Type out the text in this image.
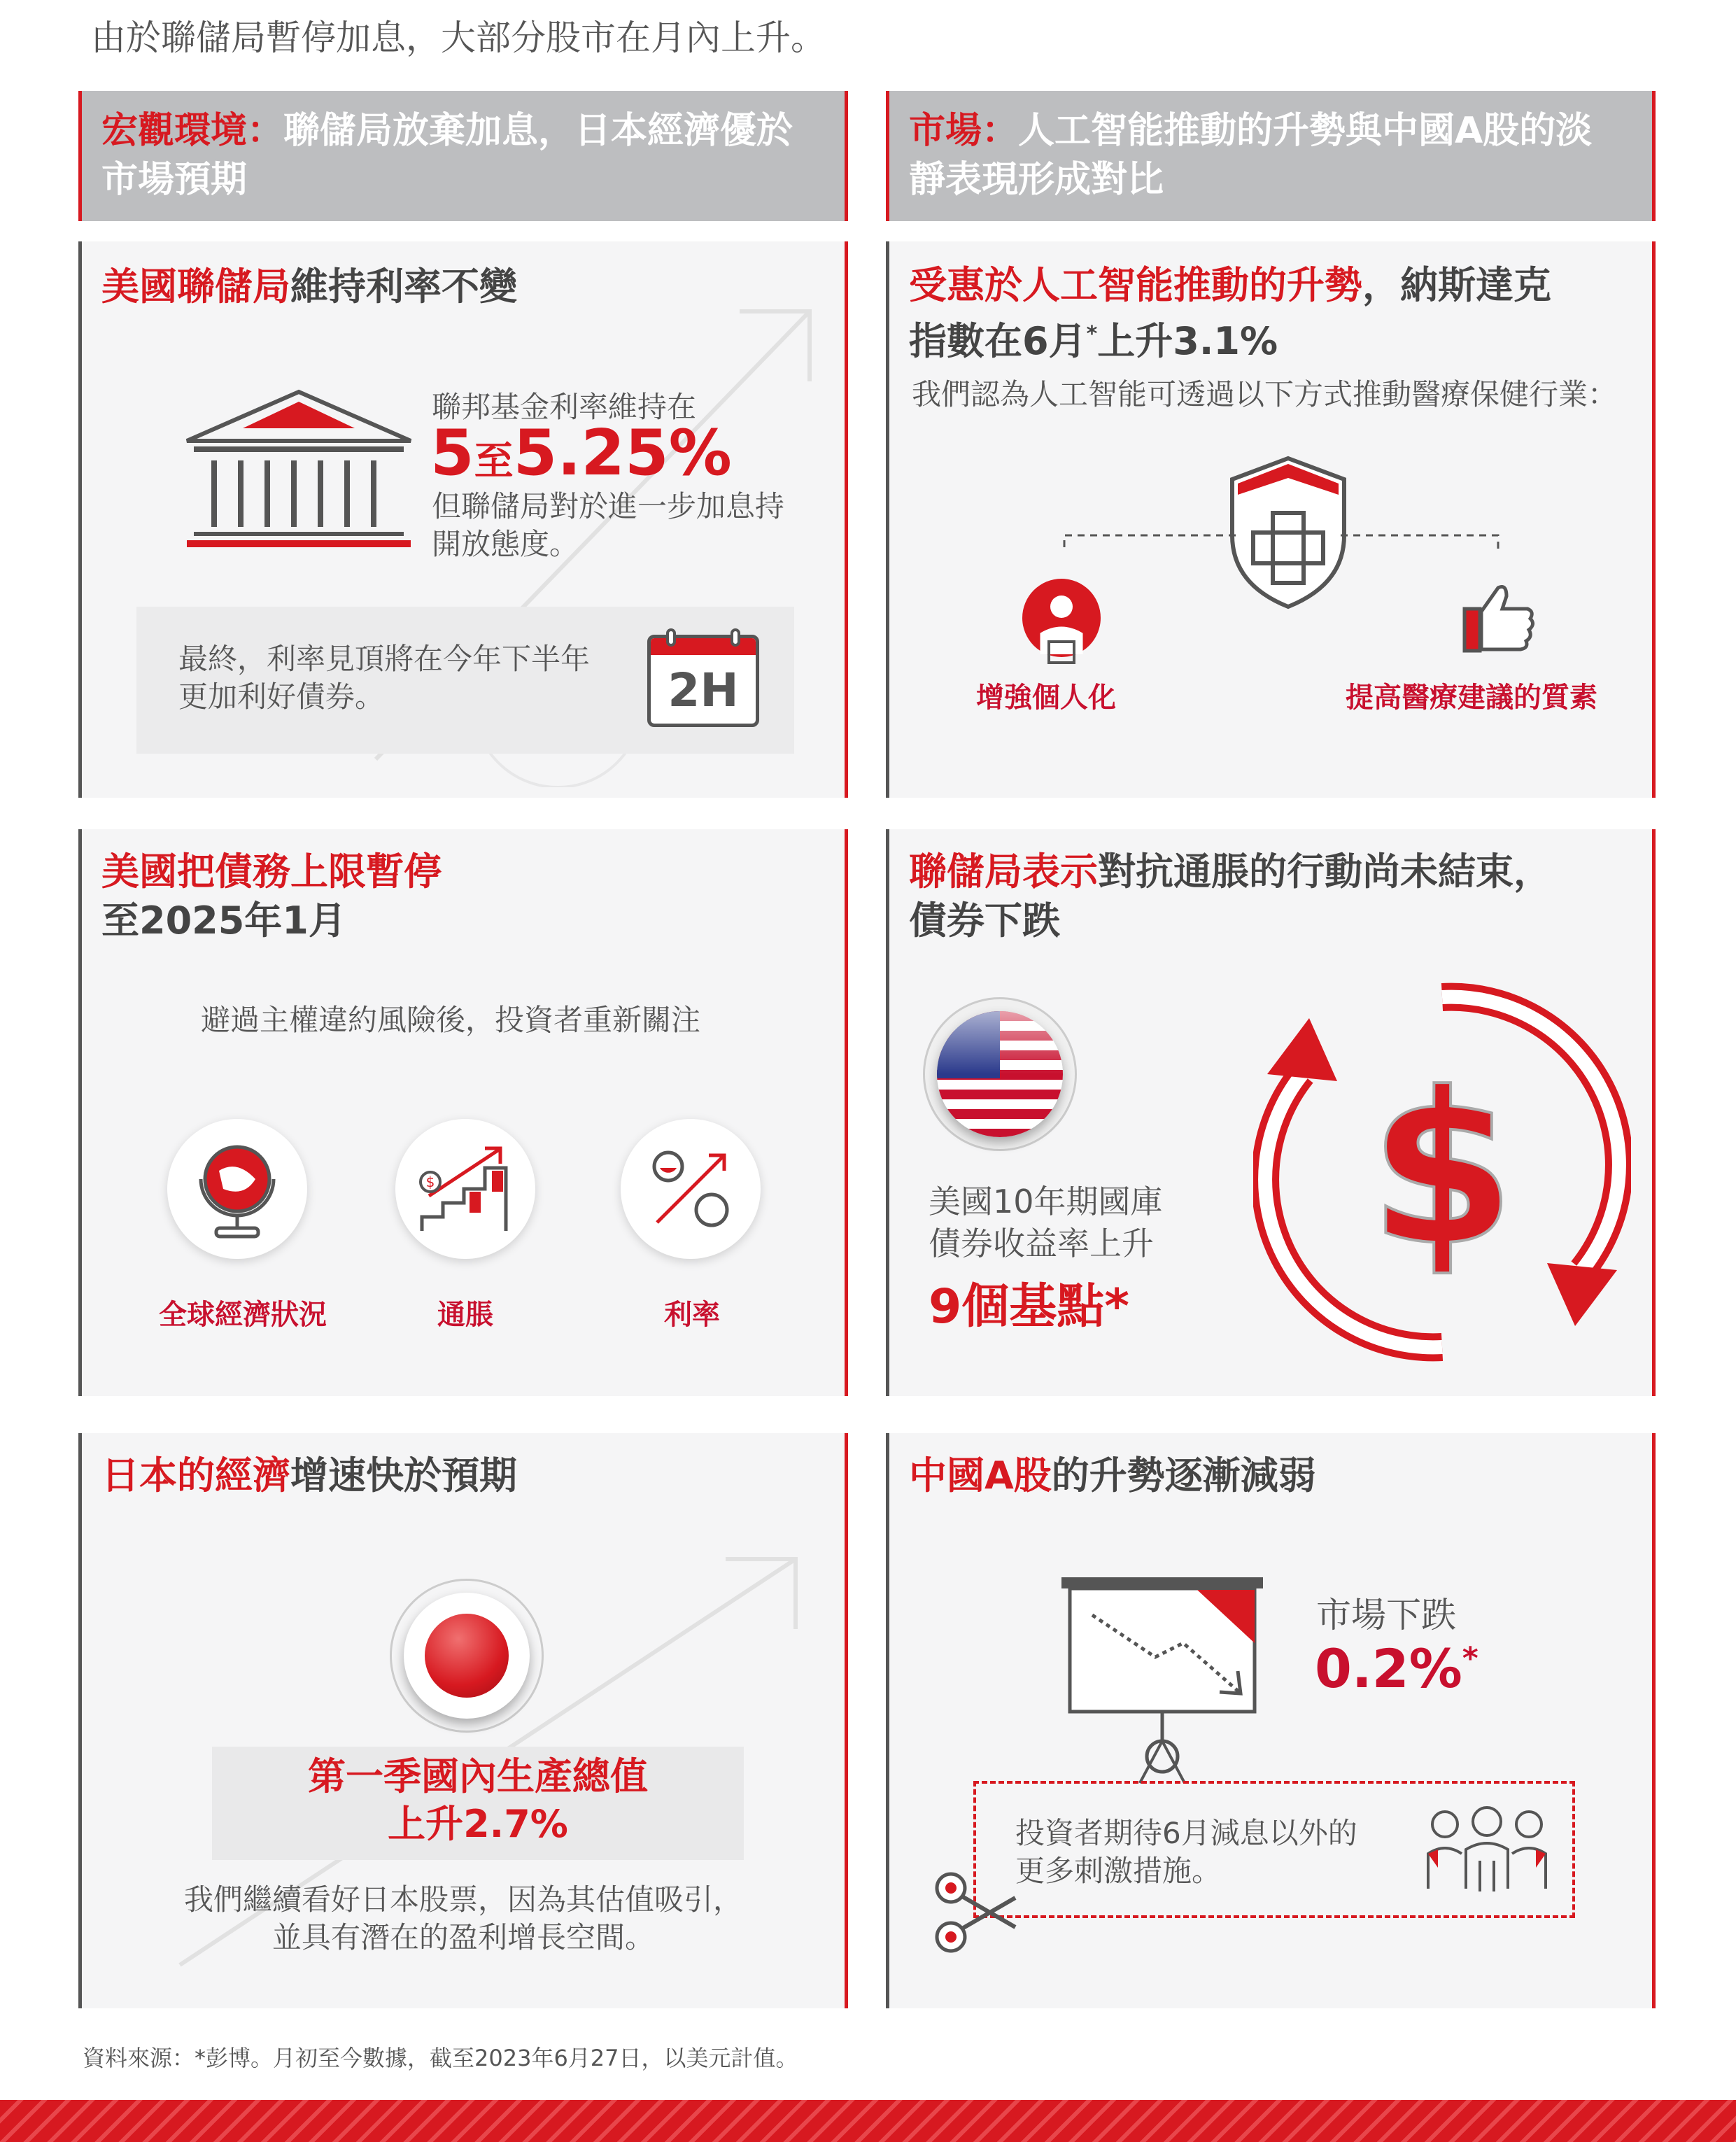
由於聯儲局暫停加息，大部分股市在月內上升。
宏觀環境：聯儲局放棄加息，日本經濟優於
市場預期
市場：人工智能推動的升勢與中國A股的淡
靜表現形成對比
美國聯儲局維持利率不變
聯邦基金利率維持在
5至5.25%
但聯儲局對於進一步加息持
開放態度。
最終，利率見頂將在今年下半年
更加利好債券。	2H
受惠於人工智能推動的升勢，納斯達克
指數在6月*上升3.1%
我們認為人工智能可透過以下方式推動醫療保健行業：
增強個人化	提高醫療建議的質素
美國把債務上限暫停
至2025年1月
避過主權違約風險後，投資者重新關注
$
全球經濟狀況	通脹	利率
聯儲局表示對抗通脹的行動尚未結束，
債券下跌
美國10年期國庫
債券收益率上升
9個基點*
$
日本的經濟增速快於預期
第一季國內生產總值
上升2.7%
我們繼續看好日本股票，因為其估值吸引，
並具有潛在的盈利增長空間。
中國A股的升勢逐漸減弱
市場下跌
0.2%*
投資者期待6月減息以外的
更多刺激措施。
資料來源：*彭博。月初至今數據，截至2023年6月27日，以美元計值。
